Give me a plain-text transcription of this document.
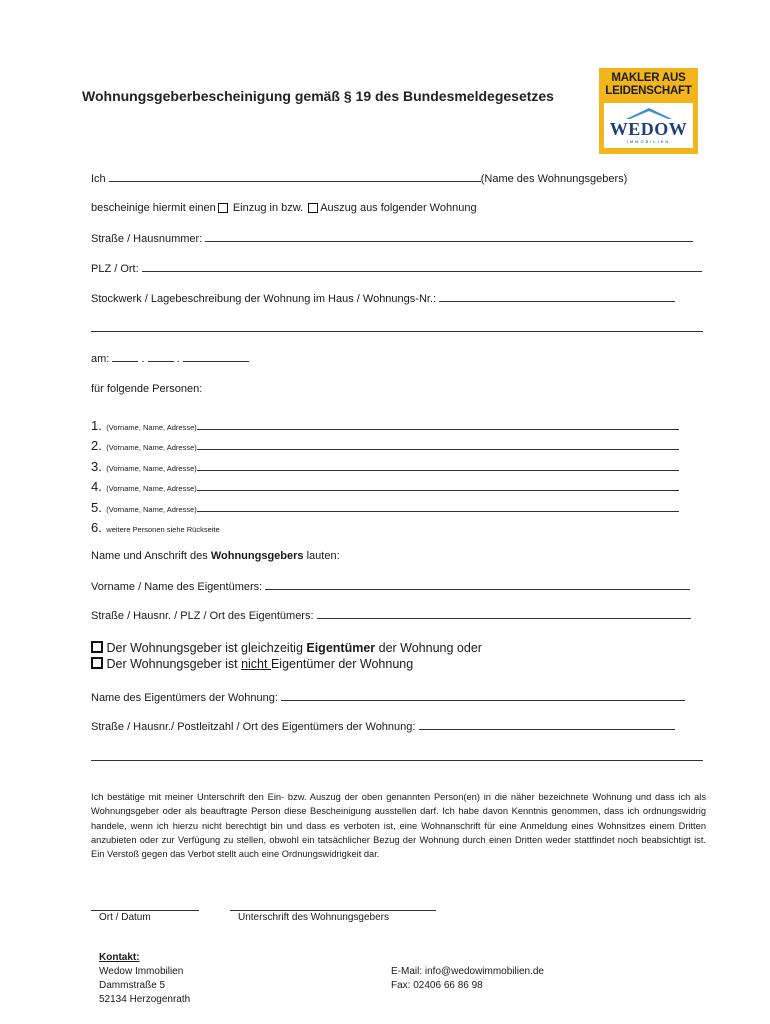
Wohnungsgeberbescheinigung gemäß § 19 des Bundesmeldegesetzes
MAKLER AUS
LEIDENSCHAFT
WEDOW
IMMOBILIEN
Ich	(Name des Wohnungsgebers)
bescheinige hiermit einen Einzug in bzw. Auszug aus folgender Wohnung
Straße / Hausnummer:
PLZ / Ort:
Stockwerk / Lagebeschreibung der Wohnung im Haus / Wohnungs-Nr.:
am:	.	.
für folgende Personen:
1. (Vorname, Name, Adresse)
2. (Vorname, Name, Adresse)
3. (Vorname, Name, Adresse)
4. (Vorname, Name, Adresse)
5. (Vorname, Name, Adresse)
6. weitere Personen siehe Rückseite
Name und Anschrift des Wohnungsgebers lauten:
Vorname / Name des Eigentümers:
Straße / Hausnr. / PLZ / Ort des Eigentümers:
Der Wohnungsgeber ist gleichzeitig Eigentümer der Wohnung oder
Der Wohnungsgeber ist nicht Eigentümer der Wohnung
Name des Eigentümers der Wohnung:
Straße / Hausnr./ Postleitzahl / Ort des Eigentümers der Wohnung:
Ich bestätige mit meiner Unterschrift den Ein- bzw. Auszug der oben genannten Person(en) in die näher bezeichnete Wohnung und dass ich als Wohnungsgeber oder als beauftragte Person diese Bescheinigung ausstellen darf. Ich habe davon Kenntnis genommen, dass ich ordnungswidrig handele, wenn ich hierzu nicht berechtigt bin und dass es verboten ist, eine Wohnanschrift für eine Anmeldung eines Wohnsitzes einem Dritten anzubieten oder zur Verfügung zu stellen, obwohl ein tatsächlicher Bezug der Wohnung durch einen Dritten weder stattfindet noch beabsichtigt ist. Ein Verstoß gegen das Verbot stellt auch eine Ordnungswidrigkeit dar.
Ort / Datum	Unterschrift des Wohnungsgebers
Kontakt:
Wedow Immobilien
Dammstraße 5
52134 Herzogenrath
E-Mail: info@wedowimmobilien.de
Fax: 02406 66 86 98
